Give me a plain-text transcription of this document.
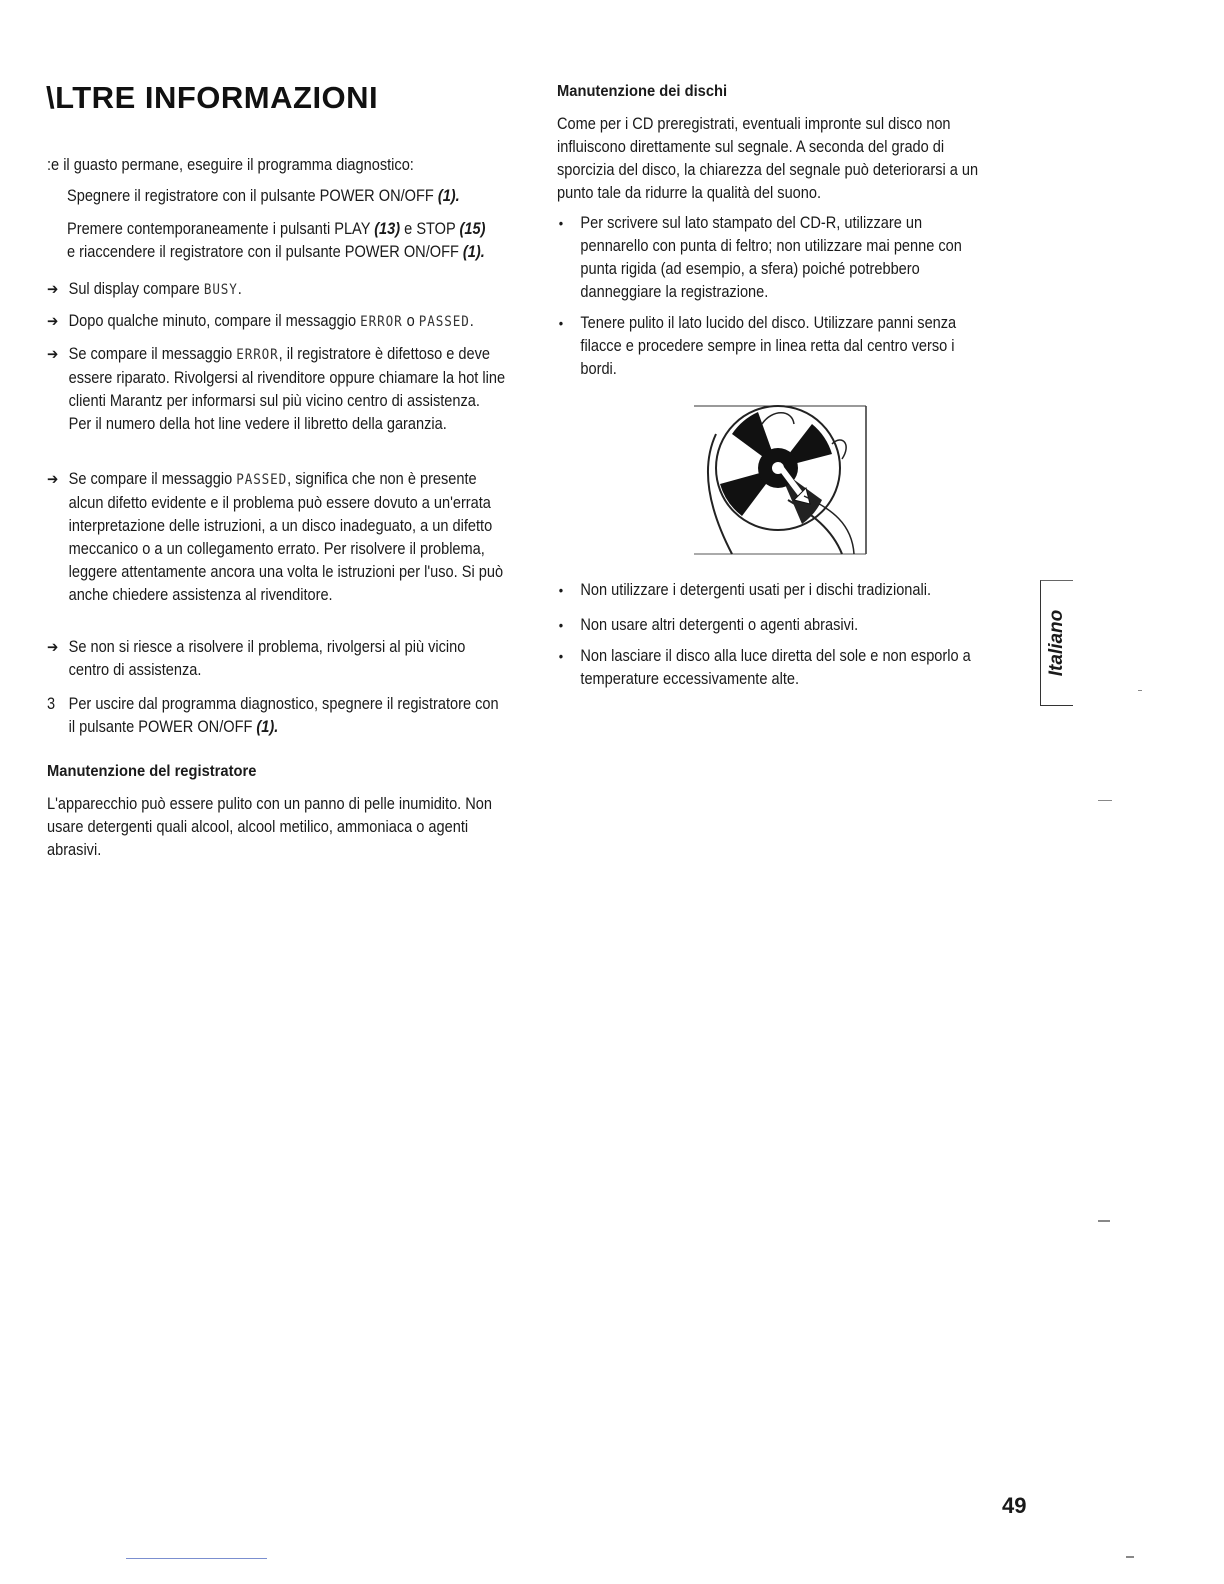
\LTRE INFORMAZIONI
:e il guasto permane, eseguire il programma diagnostico:
Spegnere il registratore con il pulsante POWER ON/OFF (1).
Premere contemporaneamente i pulsanti PLAY (13) e STOP (15)
e riaccendere il registratore con il pulsante POWER ON/OFF (1).
➔ Sul display compare BUSY.
➔ Dopo qualche minuto, compare il messaggio ERROR o PASSED.
➔ Se compare il messaggio ERROR, il registratore è difettoso e deve essere riparato. Rivolgersi al rivenditore oppure chiamare la hot line clienti Marantz per informarsi sul più vicino centro di assistenza. Per il numero della hot line vedere il libretto della garanzia.
➔ Se compare il messaggio PASSED, significa che non è presente alcun difetto evidente e il problema può essere dovuto a un'errata interpretazione delle istruzioni, a un disco inadeguato, a un difetto meccanico o a un collegamento errato. Per risolvere il problema, leggere attentamente ancora una volta le istruzioni per l'uso. Si può anche chiedere assistenza al rivenditore.
➔ Se non si riesce a risolvere il problema, rivolgersi al più vicino centro di assistenza.
3 Per uscire dal programma diagnostico, spegnere il registratore con il pulsante POWER ON/OFF (1).
Manutenzione del registratore
L'apparecchio può essere pulito con un panno di pelle inumidito. Non usare detergenti quali alcool, alcool metilico, ammoniaca o agenti abrasivi.
Manutenzione dei dischi
Come per i CD preregistrati, eventuali impronte sul disco non influiscono direttamente sul segnale. A seconda del grado di sporcizia del disco, la chiarezza del segnale può deteriorarsi a un punto tale da ridurre la qualità del suono.
•	Per scrivere sul lato stampato del CD-R, utilizzare un pennarello con punta di feltro; non utilizzare mai penne con punta rigida (ad esempio, a sfera) poiché potrebbero danneggiare la registrazione.
•	Tenere pulito il lato lucido del disco. Utilizzare panni senza filacce e procedere sempre in linea retta dal centro verso i bordi.
•	Non utilizzare i detergenti usati per i dischi tradizionali.
•	Non usare altri detergenti o agenti abrasivi.
•	Non lasciare il disco alla luce diretta del sole e non esporlo a temperature eccessivamente alte.
Italiano
49
